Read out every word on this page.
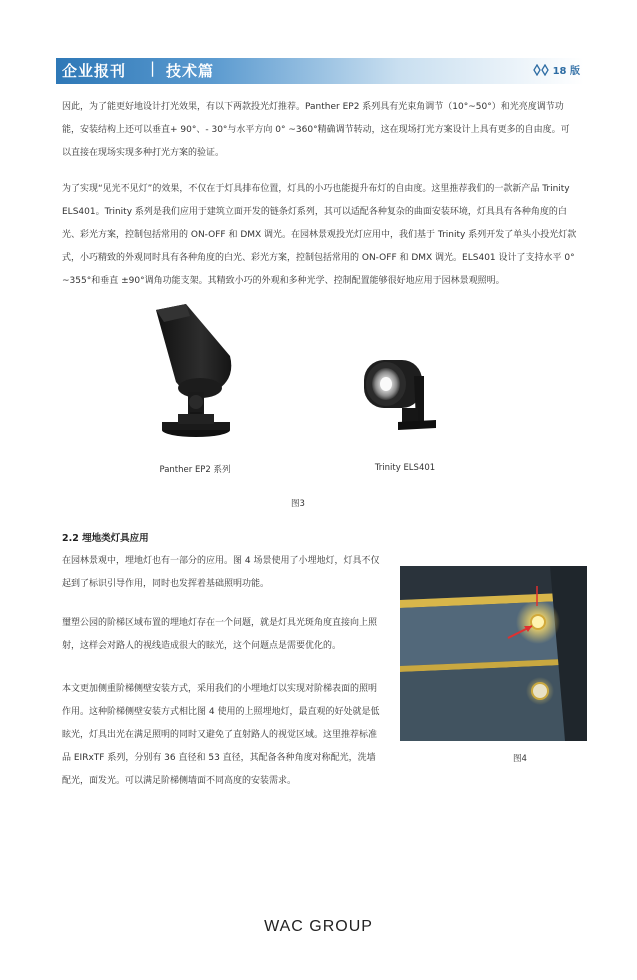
企业报刊 | 技术篇	18 版

因此，为了能更好地设计打光效果，有以下两款投光灯推荐。Panther EP2 系列具有光束角调节（10°~50°）和光亮度调节功能，安装结构上还可以垂直+ 90°、- 30°与水平方向 0° ~360°精确调节转动，这在现场打光方案设计上具有更多的自由度。可以直接在现场实现多种打光方案的验证。

为了实现“见光不见灯”的效果，不仅在于灯具排布位置，灯具的小巧也能提升布灯的自由度。这里推荐我们的一款新产品 Trinity ELS401。Trinity 系列是我们应用于建筑立面开发的链条灯系列，其可以适配各种复杂的曲面安装环境，灯具具有各种角度的白光、彩光方案，控制包括常用的 ON-OFF 和 DMX 调光。在园林景观投光灯应用中，我们基于 Trinity 系列开发了单头小投光灯款式，小巧精致的外观同时具有各种角度的白光、彩光方案，控制包括常用的 ON-OFF 和 DMX 调光。ELS401 设计了支持水平 0° ~355°和垂直 ±90°调角功能支架。其精致小巧的外观和多种光学、控制配置能够很好地应用于园林景观照明。

Panther EP2 系列	Trinity ELS401
图3
2.2 埋地类灯具应用

在园林景观中，埋地灯也有一部分的应用。图 4 场景使用了小埋地灯，灯具不仅起到了标识引导作用，同时也发挥着基础照明功能。

璽塑公园的阶梯区域布置的埋地灯存在一个问题，就是灯具光斑角度直接向上照射，这样会对路人的视线造成很大的眩光，这个问题点是需要优化的。

本文更加侧重阶梯侧壁安装方式，采用我们的小埋地灯以实现对阶梯表面的照明作用。这种阶梯侧壁安装方式相比图 4 使用的上照埋地灯，最直观的好处就是低眩光，灯具出光在满足照明的同时又避免了直射路人的视觉区域。这里推荐标准品 EIRxTF 系列，分别有 36 直径和 53 直径，其配备各种角度对称配光，洗墙配光，面发光。可以满足阶梯侧墙面不同高度的安装需求。

图4
WAC GROUP
